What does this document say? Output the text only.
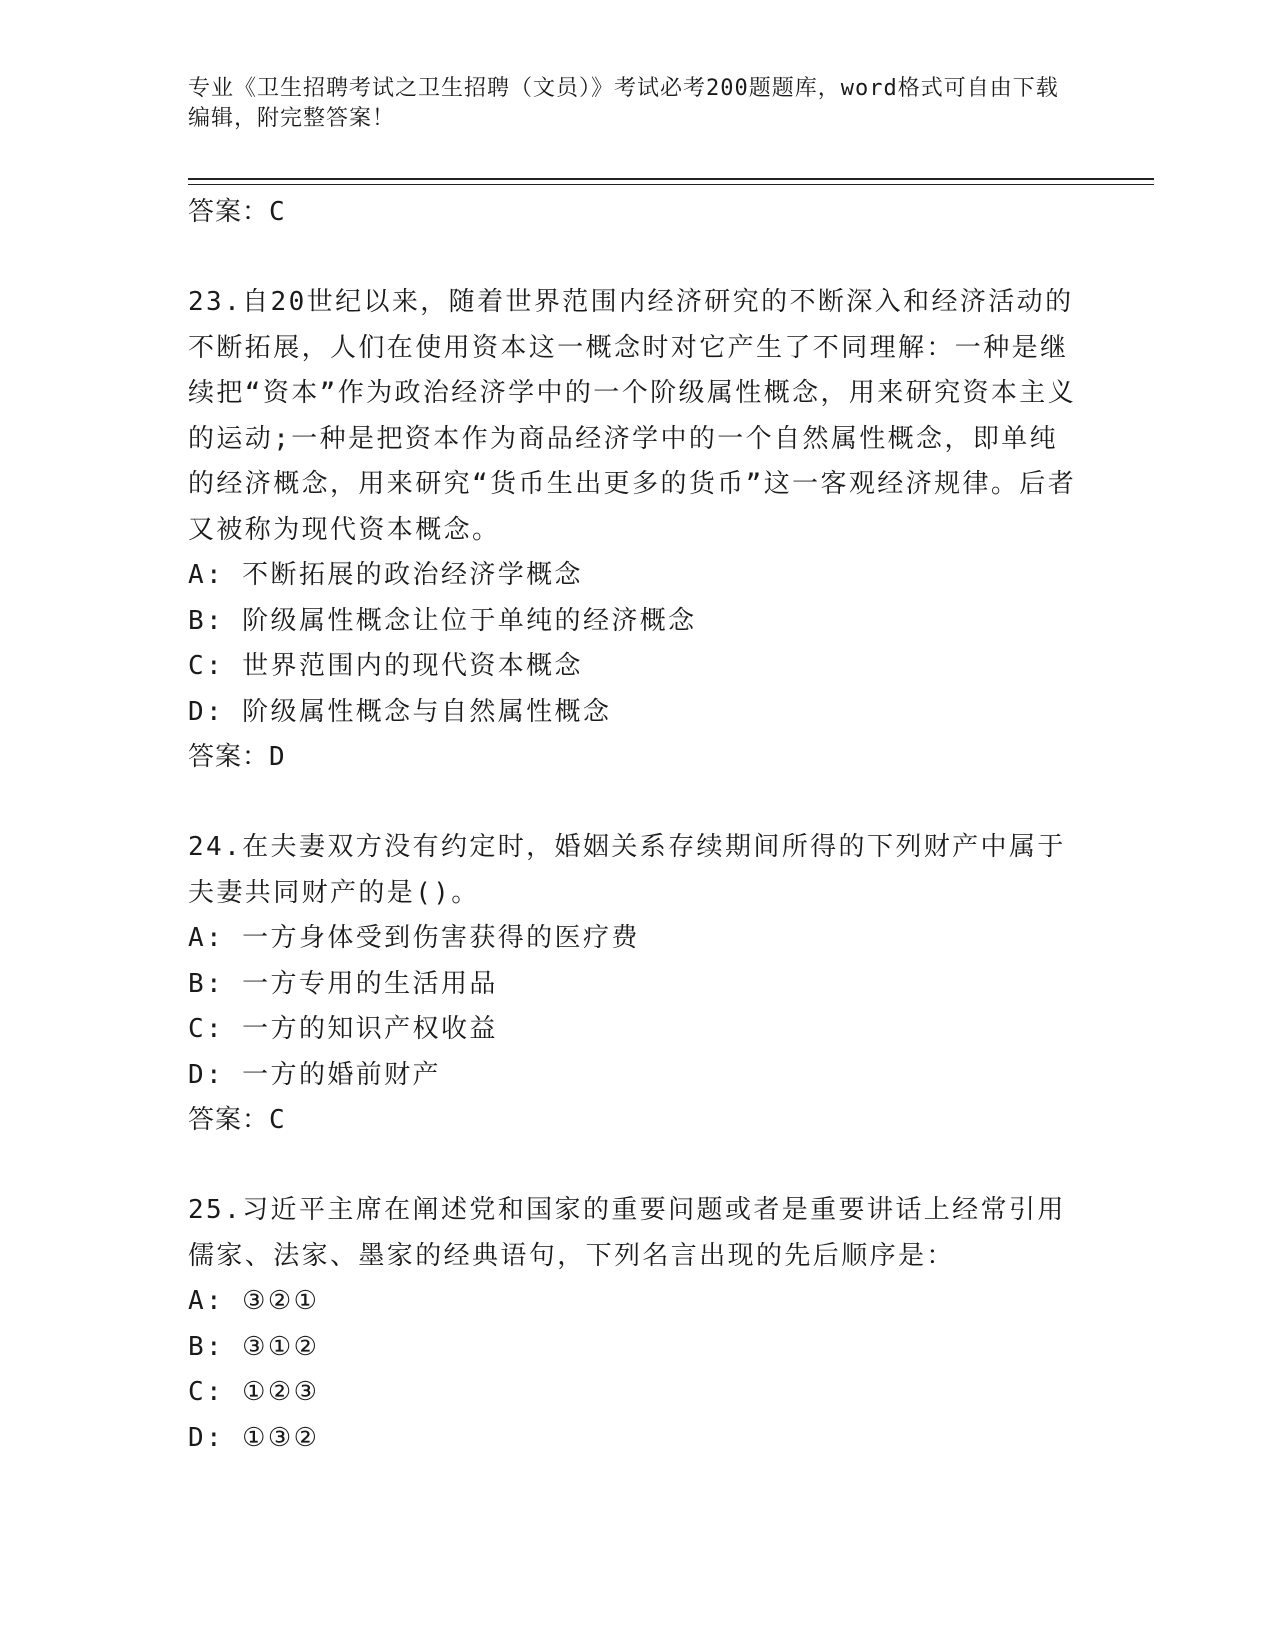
专业《卫生招聘考试之卫生招聘（文员）》考试必考200题题库，word格式可自由下载编辑，附完整答案！

答案：C

23.自20世纪以来，随着世界范围内经济研究的不断深入和经济活动的不断拓展，人们在使用资本这一概念时对它产生了不同理解：一种是继续把“资本”作为政治经济学中的一个阶级属性概念，用来研究资本主义的运动;一种是把资本作为商品经济学中的一个自然属性概念，即单纯的经济概念，用来研究“货币生出更多的货币”这一客观经济规律。后者又被称为现代资本概念。

A: 不断拓展的政治经济学概念

B: 阶级属性概念让位于单纯的经济概念

C: 世界范围内的现代资本概念

D: 阶级属性概念与自然属性概念

答案：D

24.在夫妻双方没有约定时，婚姻关系存续期间所得的下列财产中属于夫妻共同财产的是()。

A: 一方身体受到伤害获得的医疗费

B: 一方专用的生活用品

C: 一方的知识产权收益

D: 一方的婚前财产

答案：C

25.习近平主席在阐述党和国家的重要问题或者是重要讲话上经常引用儒家、法家、墨家的经典语句，下列名言出现的先后顺序是：

A: ③②①

B: ③①②

C: ①②③

D: ①③②
